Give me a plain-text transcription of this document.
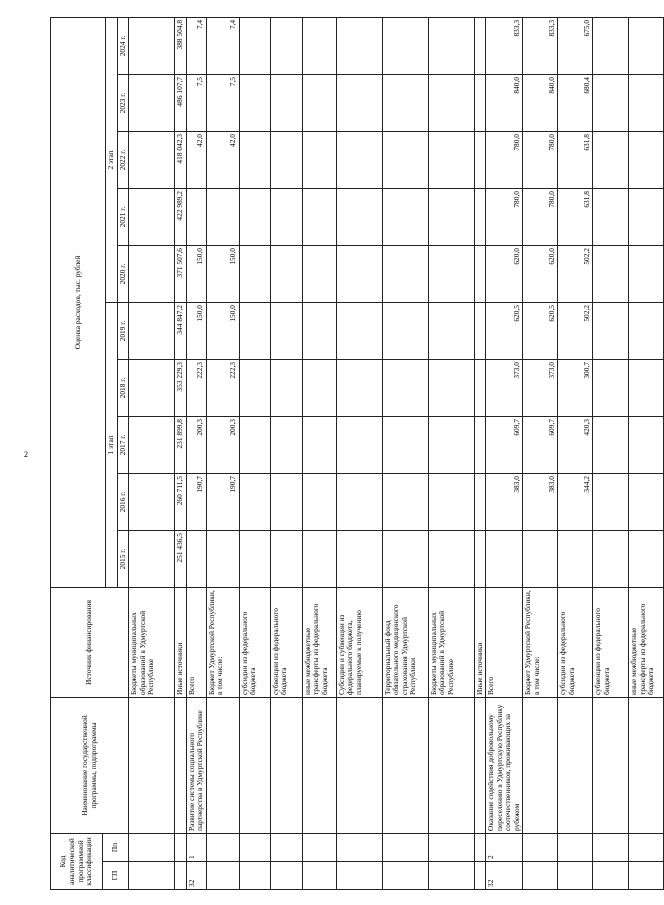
2
Код аналитической программной классификации		Наименование государственной программы, подпрограммы	Источник финансирования	Оценка расходов, тыс. рублей									
ГП	Пп												
				1 этап					2 этап				
				2015 г.	2016 г.	2017 г.	2018 г.	2019 г.	2020 г.	2021 г.	2022 г.	2023 г.	2024 г.
			Бюджеты муниципальных образований в Удмуртской Республике										
			Иные источники	251 436,5	260 711,5	231 899,8	353 229,3	344 847,2	371 507,6	422 989,2	418 042,3	486 107,7	388 504,8
32	1	Развитие системы социального партнерства в Удмуртской Республике	Всего		190,7	200,3	222,3	150,0	150,0		42,0	7,5	7,4
			Бюджет Удмуртской Республики, в том числе:		190,7	200,3	222,3	150,0	150,0		42,0	7,5	7,4
			субсидии из федерального бюджета										
			субвенции из федерального бюджета										
			иные межбюджетные трансферты из федерального бюджета										
			Субсидии и субвенции из федерального бюджета, планируемые к получению										
			Территориальный фонд обязательного медицинского страхования Удмуртской Республики										
			Бюджеты муниципальных образований в Удмуртской Республике										
			Иные источники										
32	2	Оказание содействия добровольному переселению в Удмуртскую Республику соотечественников, проживающих за рубежом	Всего		383,0	609,7	373,0	620,5	620,0	780,0	780,0	840,0	833,3
			Бюджет Удмуртской Республики, в том числе:		383,0	609,7	373,0	620,5	620,0	780,0	780,0	840,0	833,3
			субсидии из федерального бюджета		344,2	420,3	300,7	502,2	502,2	631,8	631,8	680,4	675,0
			субвенции из федерального бюджета										
			иные межбюджетные трансферты из федерального бюджета										
